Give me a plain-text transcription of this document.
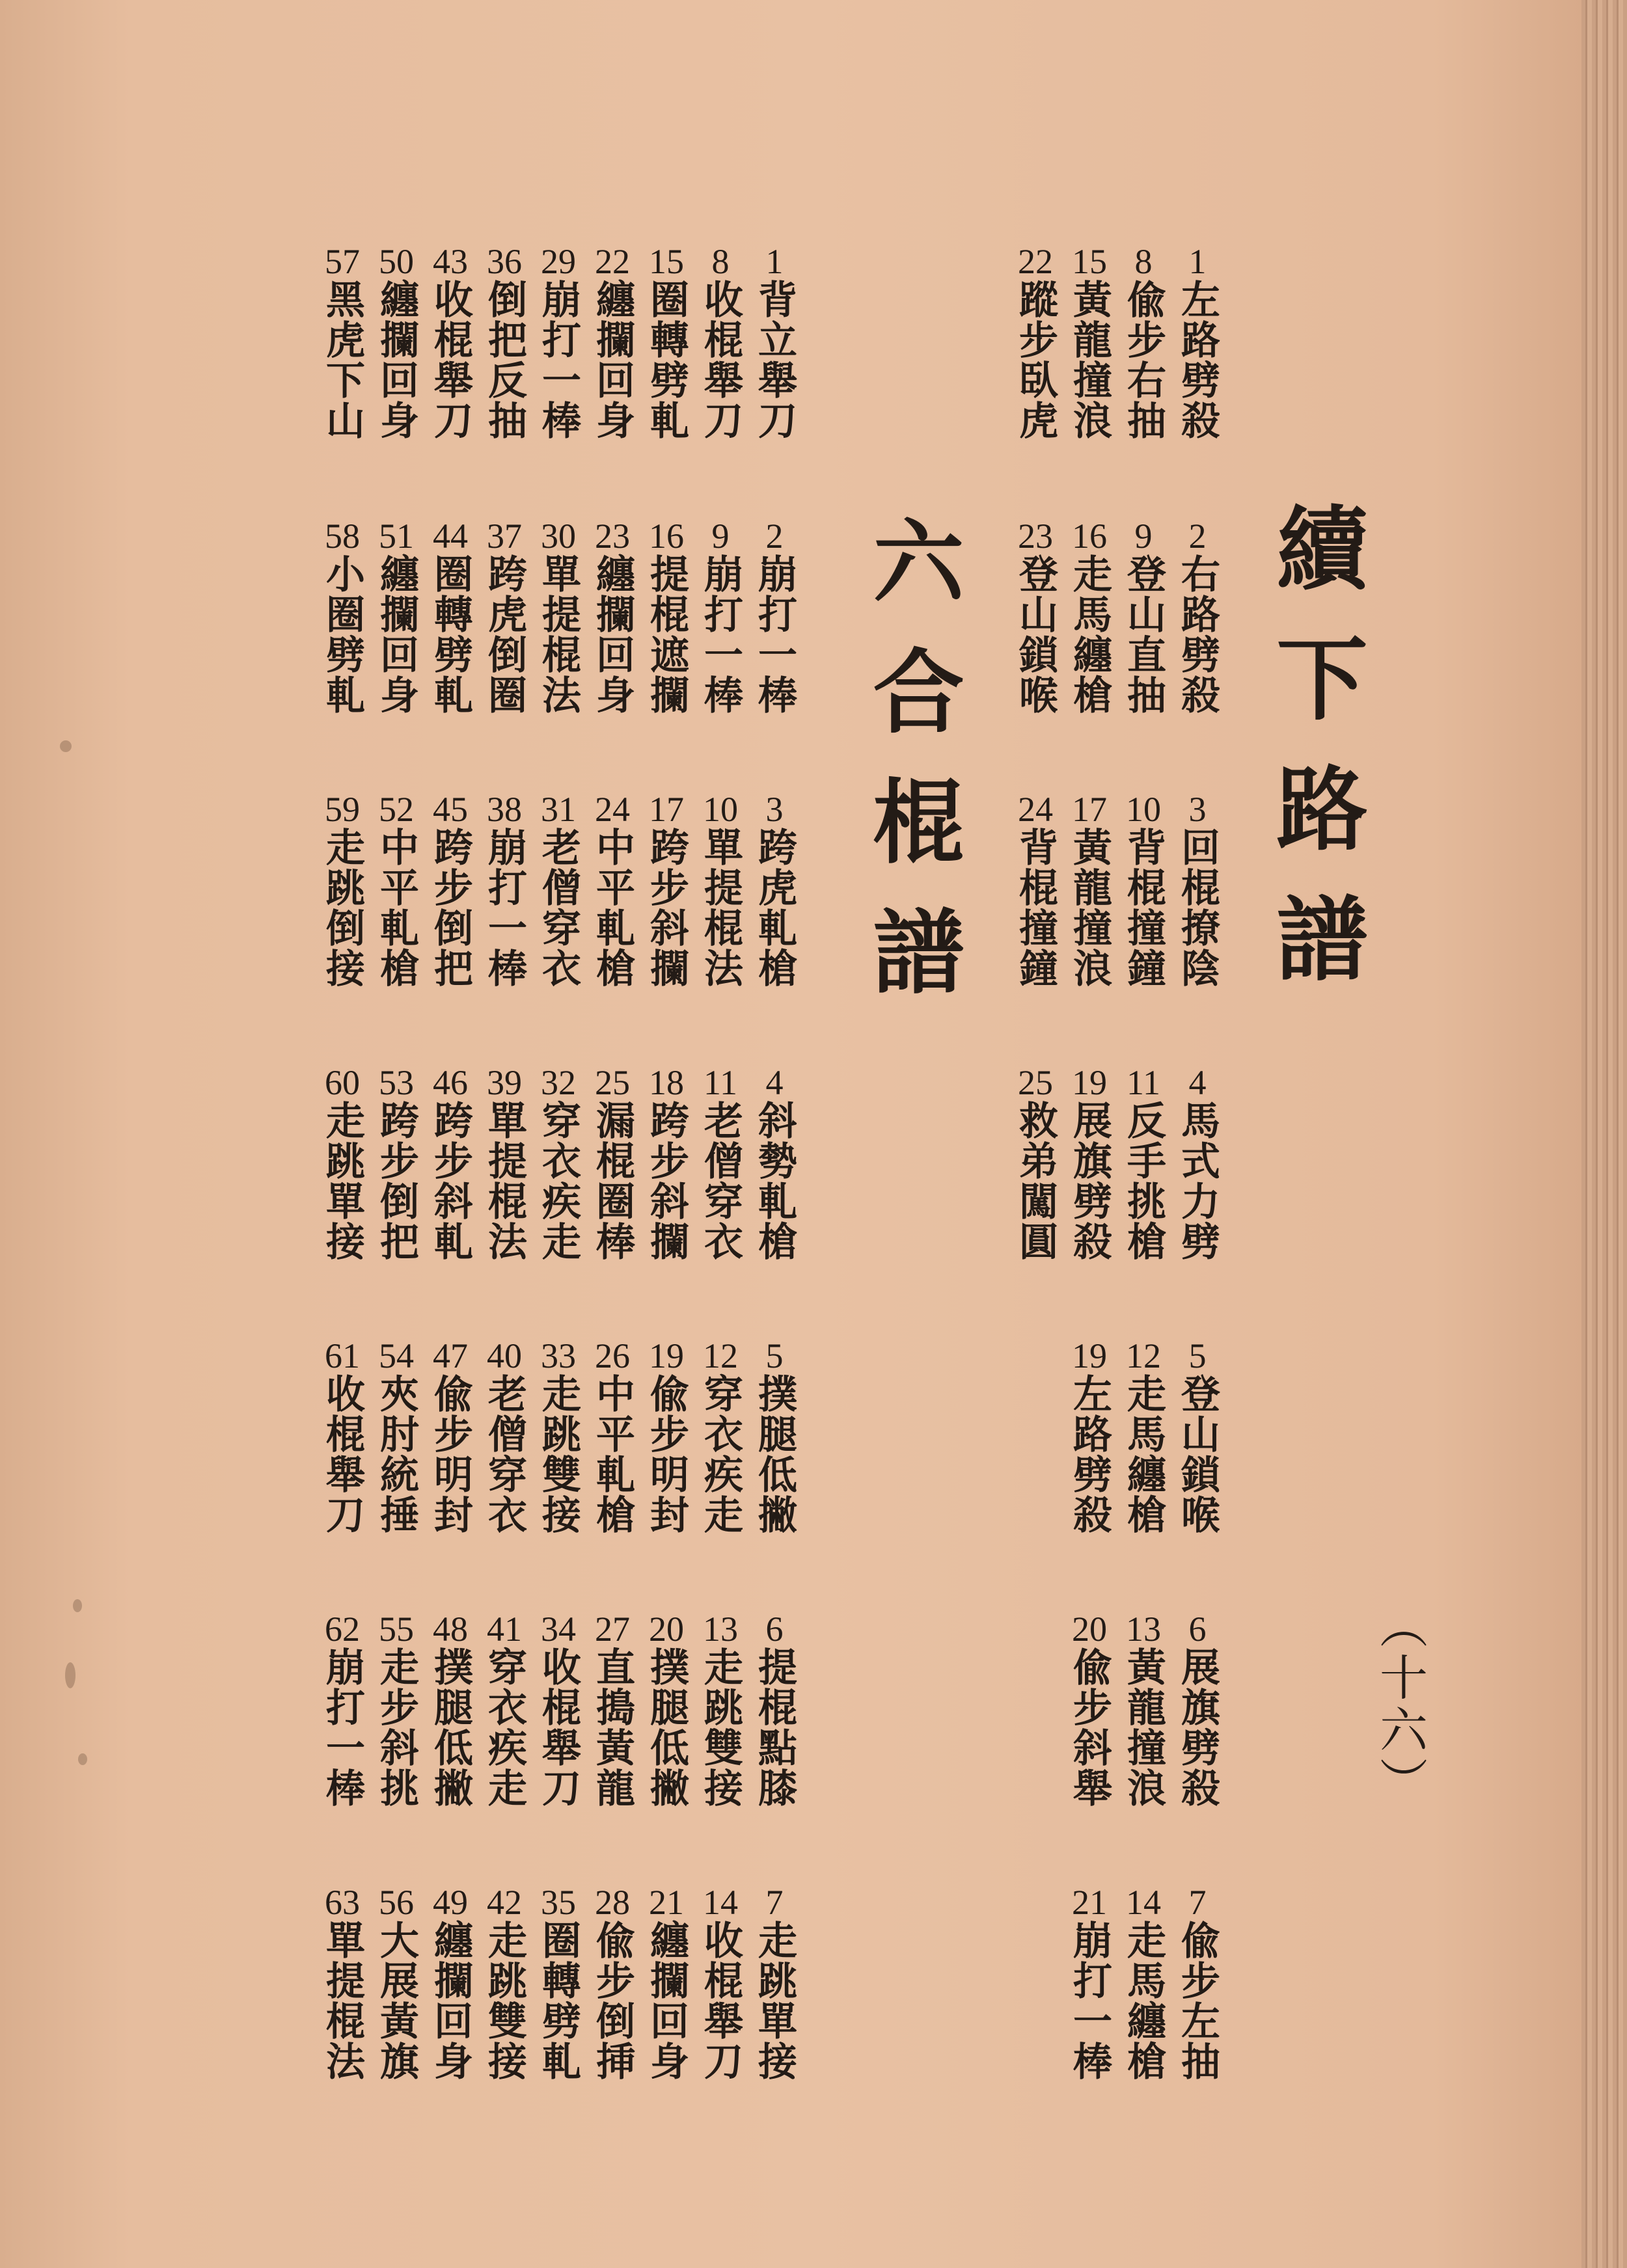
續下路譜
六合棍譜
（十六）
1左路劈殺
2右路劈殺
3回棍撩陰
4馬式力劈
5登山鎖喉
6展旗劈殺
7偸步左抽
8偸步右抽
9登山直抽
10背棍撞鐘
11反手挑槍
12走馬纏槍
13黃龍撞浪
14走馬纏槍
15黃龍撞浪
16走馬纏槍
17黃龍撞浪
19展旗劈殺
19左路劈殺
20偸步斜舉
21崩打一棒
22蹤步臥虎
23登山鎖喉
24背棍撞鐘
25救弟闖圓
1背立舉刀
2崩打一棒
3跨虎軋槍
4斜勢軋槍
5撲腿低撇
6提棍點膝
7走跳單接
8收棍舉刀
9崩打一棒
10單提棍法
11老僧穿衣
12穿衣疾走
13走跳雙接
14收棍舉刀
15圈轉劈軋
16提棍遮攔
17跨步斜攔
18跨步斜攔
19偸步明封
20撲腿低撇
21纏攔回身
22纏攔回身
23纏攔回身
24中平軋槍
25漏棍圈棒
26中平軋槍
27直搗黃龍
28偸步倒挿
29崩打一棒
30單提棍法
31老僧穿衣
32穿衣疾走
33走跳雙接
34收棍舉刀
35圈轉劈軋
36倒把反抽
37跨虎倒圈
38崩打一棒
39單提棍法
40老僧穿衣
41穿衣疾走
42走跳雙接
43收棍舉刀
44圈轉劈軋
45跨步倒把
46跨步斜軋
47偸步明封
48撲腿低撇
49纏攔回身
50纏攔回身
51纏攔回身
52中平軋槍
53跨步倒把
54夾肘統捶
55走步斜挑
56大展黃旗
57黑虎下山
58小圈劈軋
59走跳倒接
60走跳單接
61收棍舉刀
62崩打一棒
63單提棍法
